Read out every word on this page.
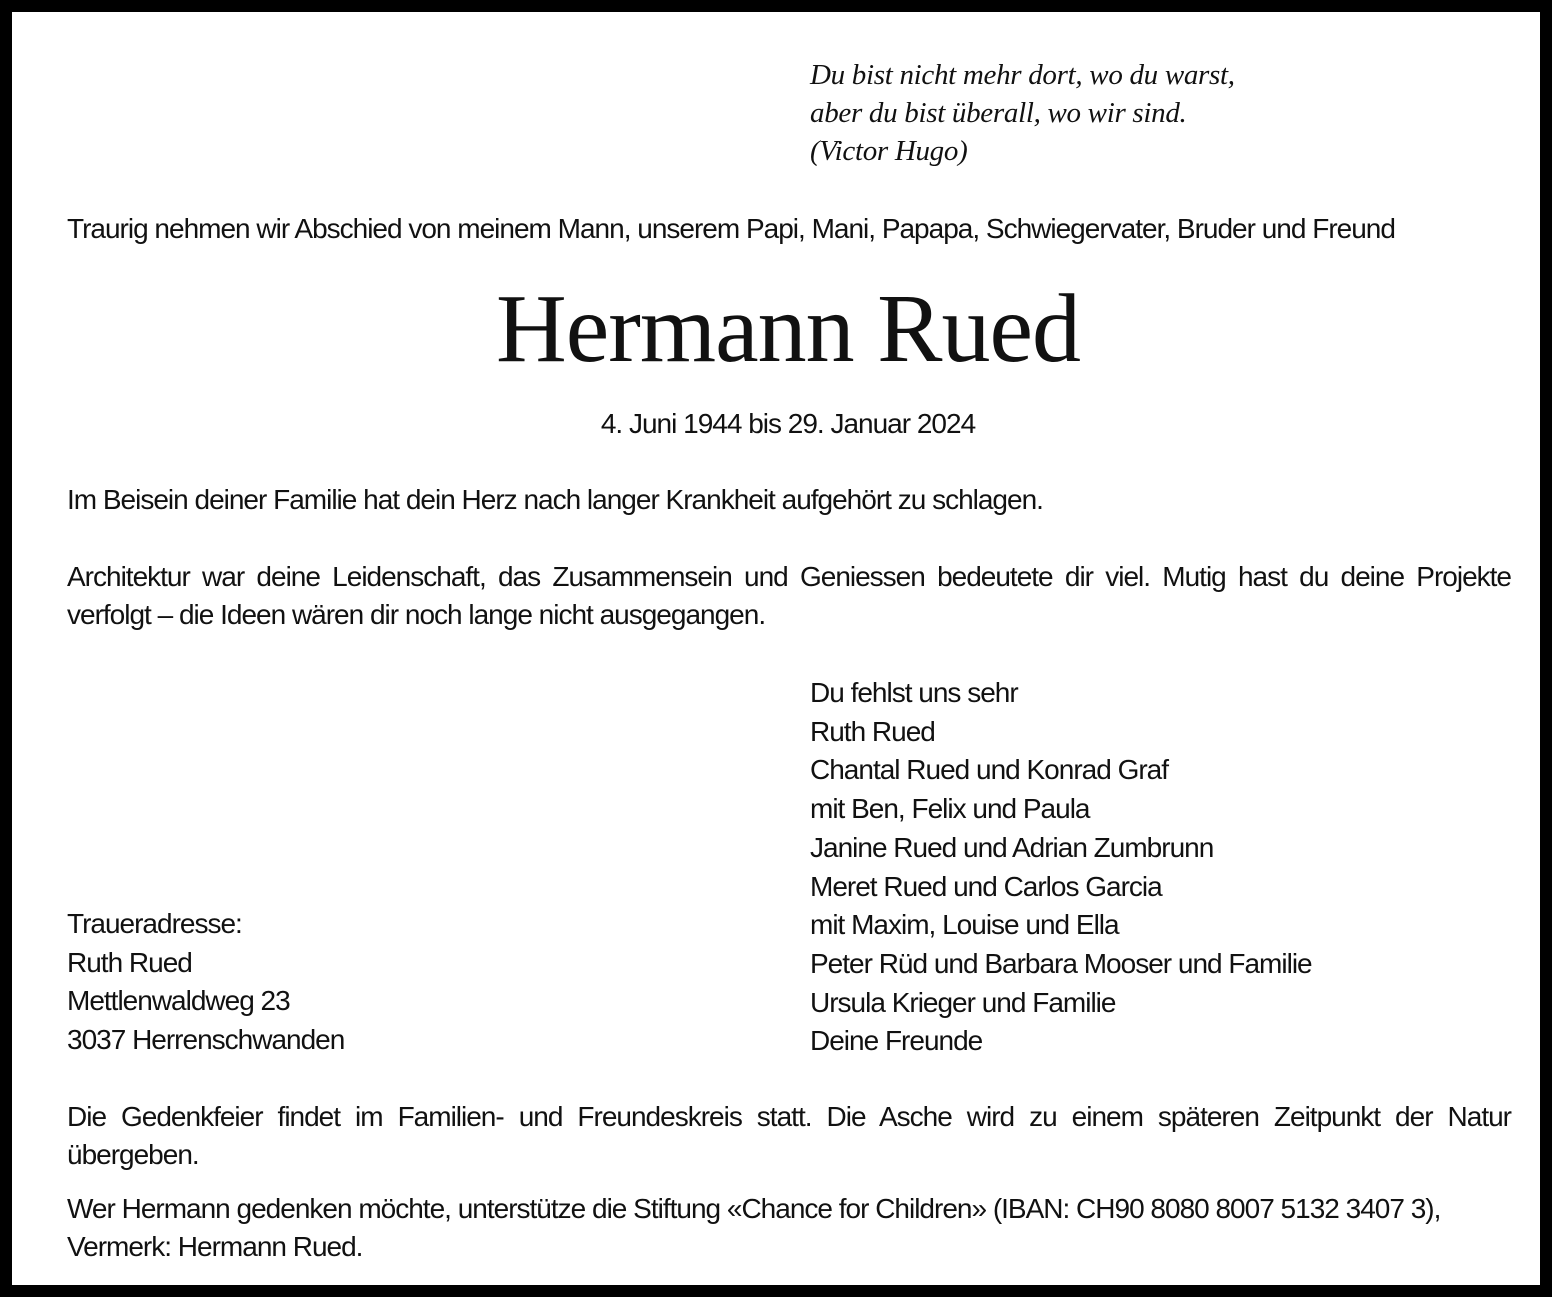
Du bist nicht mehr dort, wo du warst,
aber du bist überall, wo wir sind.
(Victor Hugo)

Traurig nehmen wir Abschied von meinem Mann, unserem Papi, Mani, Papapa, Schwiegervater, Bruder und Freund

Hermann Rued

4. Juni 1944 bis 29. Januar 2024

Im Beisein deiner Familie hat dein Herz nach langer Krankheit aufgehört zu schlagen.

Architektur war deine Leidenschaft, das Zusammensein und Geniessen bedeutete dir viel. Mutig hast du deine Projekte verfolgt – die Ideen wären dir noch lange nicht ausgegangen.

Du fehlst uns sehr
Ruth Rued
Chantal Rued und Konrad Graf
mit Ben, Felix und Paula
Janine Rued und Adrian Zumbrunn
Meret Rued und Carlos Garcia
mit Maxim, Louise und Ella
Peter Rüd und Barbara Mooser und Familie
Ursula Krieger und Familie
Deine Freunde
Traueradresse:
Ruth Rued
Mettlenwaldweg 23
3037 Herrenschwanden

Die Gedenkfeier findet im Familien- und Freundeskreis statt. Die Asche wird zu einem späteren Zeitpunkt der Natur übergeben.

Wer Hermann gedenken möchte, unterstütze die Stiftung «Chance for Children» (IBAN: CH90 8080 8007 5132 3407 3),
Vermerk: Hermann Rued.
